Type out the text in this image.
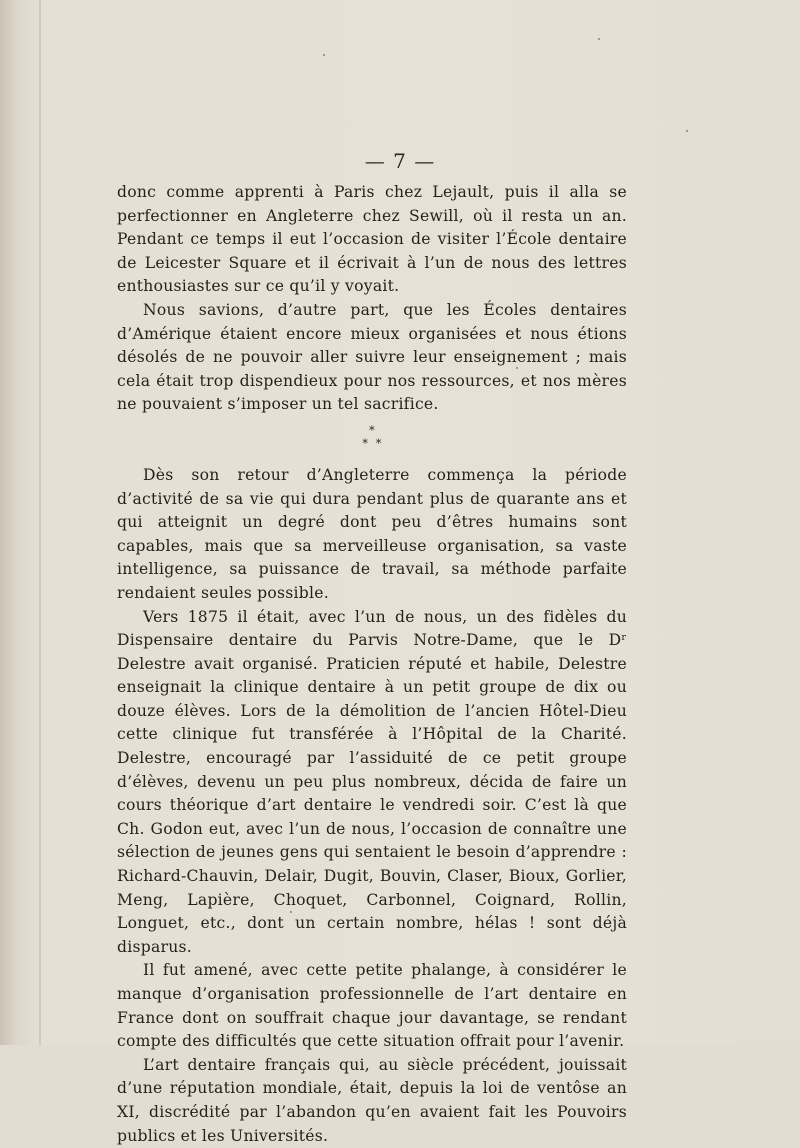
— 7 —

donc comme apprenti à Paris chez Lejault, puis il alla se perfectionner en Angleterre chez Sewill, où il resta un an. Pendant ce temps il eut l’occasion de visiter l’École dentaire de Leicester Square et il écrivait à l’un de nous des lettres enthousiastes sur ce qu’il y voyait.

Nous savions, d’autre part, que les Écoles dentaires d’Amérique étaient encore mieux organisées et nous étions désolés de ne pouvoir aller suivre leur enseignement ; mais cela était trop dispendieux pour nos ressources, et nos mères ne pouvaient s’imposer un tel sacrifice.

*
* *

Dès son retour d’Angleterre commença la période d’activité de sa vie qui dura pendant plus de quarante ans et qui atteignit un degré dont peu d’êtres humains sont capables, mais que sa merveilleuse organisation, sa vaste intelligence, sa puissance de travail, sa méthode parfaite rendaient seules possible.

Vers 1875 il était, avec l’un de nous, un des fidèles du Dispensaire dentaire du Parvis Notre-Dame, que le Dʳ Delestre avait organisé. Praticien réputé et habile, Delestre enseignait la clinique dentaire à un petit groupe de dix ou douze élèves. Lors de la démolition de l’ancien Hôtel-Dieu cette clinique fut transférée à l’Hôpital de la Charité. Delestre, encouragé par l’assiduité de ce petit groupe d’élèves, devenu un peu plus nombreux, décida de faire un cours théorique d’art dentaire le vendredi soir. C’est là que Ch. Godon eut, avec l’un de nous, l’occasion de connaître une sélection de jeunes gens qui sentaient le besoin d’apprendre : Richard-Chauvin, Delair, Dugit, Bouvin, Claser, Bioux, Gorlier, Meng, Lapière, Choquet, Carbonnel, Coignard, Rollin, Longuet, etc., dont un certain nombre, hélas ! sont déjà disparus.

Il fut amené, avec cette petite phalange, à considérer le manque d’organisation professionnelle de l’art dentaire en France dont on souffrait chaque jour davantage, se rendant compte des difficultés que cette situation offrait pour l’avenir.

L’art dentaire français qui, au siècle précédent, jouissait d’une réputation mondiale, était, depuis la loi de ventôse an XI, discrédité par l’abandon qu’en avaient fait les Pouvoirs publics et les Universités.
